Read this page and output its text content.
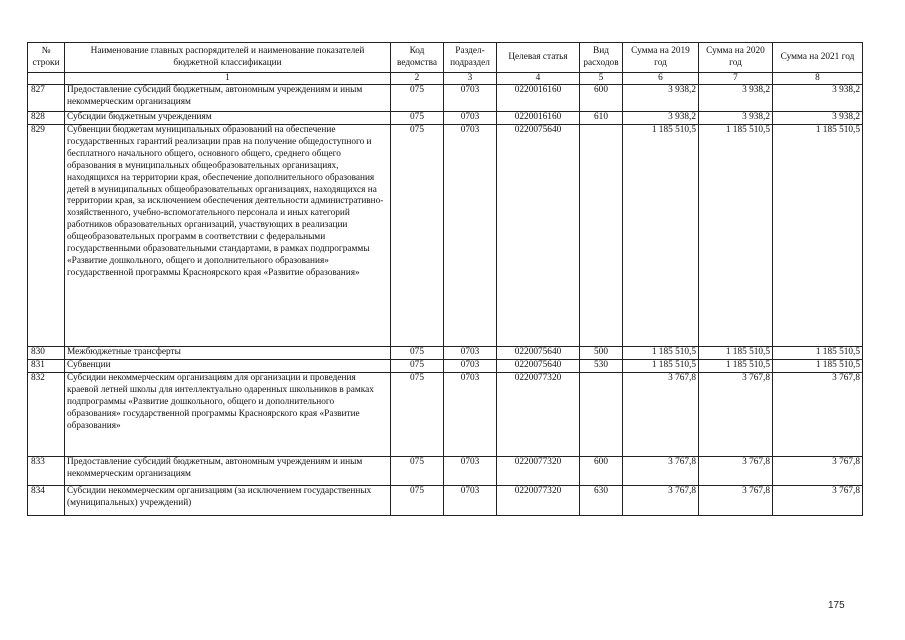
№ строки	Наименование главных распорядителей и наименование показателей бюджетной классификации	Код ведомства	Раздел-подраздел	Целевая статья	Вид расходов	Сумма на 2019 год	Сумма на 2020 год	Сумма на 2021 год
	1	2	3	4	5	6	7	8
827	Предоставление субсидий бюджетным, автономным учреждениям и иным некоммерческим организациям	075	0703	0220016160	600	3 938,2	3 938,2	3 938,2
828	Субсидии бюджетным учреждениям	075	0703	0220016160	610	3 938,2	3 938,2	3 938,2
829	Субвенции бюджетам муниципальных образований на обеспечение государственных гарантий реализации прав на получение общедоступного и бесплатного начального общего, основного общего, среднего общего образования в муниципальных общеобразовательных организациях, находящихся на территории края, обеспечение дополнительного образования детей в муниципальных общеобразовательных организациях, находящихся на территории края, за исключением обеспечения деятельности административно-хозяйственного, учебно-вспомогательного персонала и иных категорий работников образовательных организаций, участвующих в реализации общеобразовательных программ в соответствии с федеральными государственными образовательными стандартами, в рамках подпрограммы «Развитие дошкольного, общего и дополнительного образования» государственной программы Красноярского края «Развитие образования»	075	0703	0220075640		1 185 510,5	1 185 510,5	1 185 510,5
830	Межбюджетные трансферты	075	0703	0220075640	500	1 185 510,5	1 185 510,5	1 185 510,5
831	Субвенции	075	0703	0220075640	530	1 185 510,5	1 185 510,5	1 185 510,5
832	Субсидии некоммерческим организациям для организации и проведения краевой летней школы для интеллектуально одаренных школьников в рамках подпрограммы «Развитие дошкольного, общего и дополнительного образования» государственной программы Красноярского края «Развитие образования»	075	0703	0220077320		3 767,8	3 767,8	3 767,8
833	Предоставление субсидий бюджетным, автономным учреждениям и иным некоммерческим организациям	075	0703	0220077320	600	3 767,8	3 767,8	3 767,8
834	Субсидии некоммерческим организациям (за исключением государственных (муниципальных) учреждений)	075	0703	0220077320	630	3 767,8	3 767,8	3 767,8
175
